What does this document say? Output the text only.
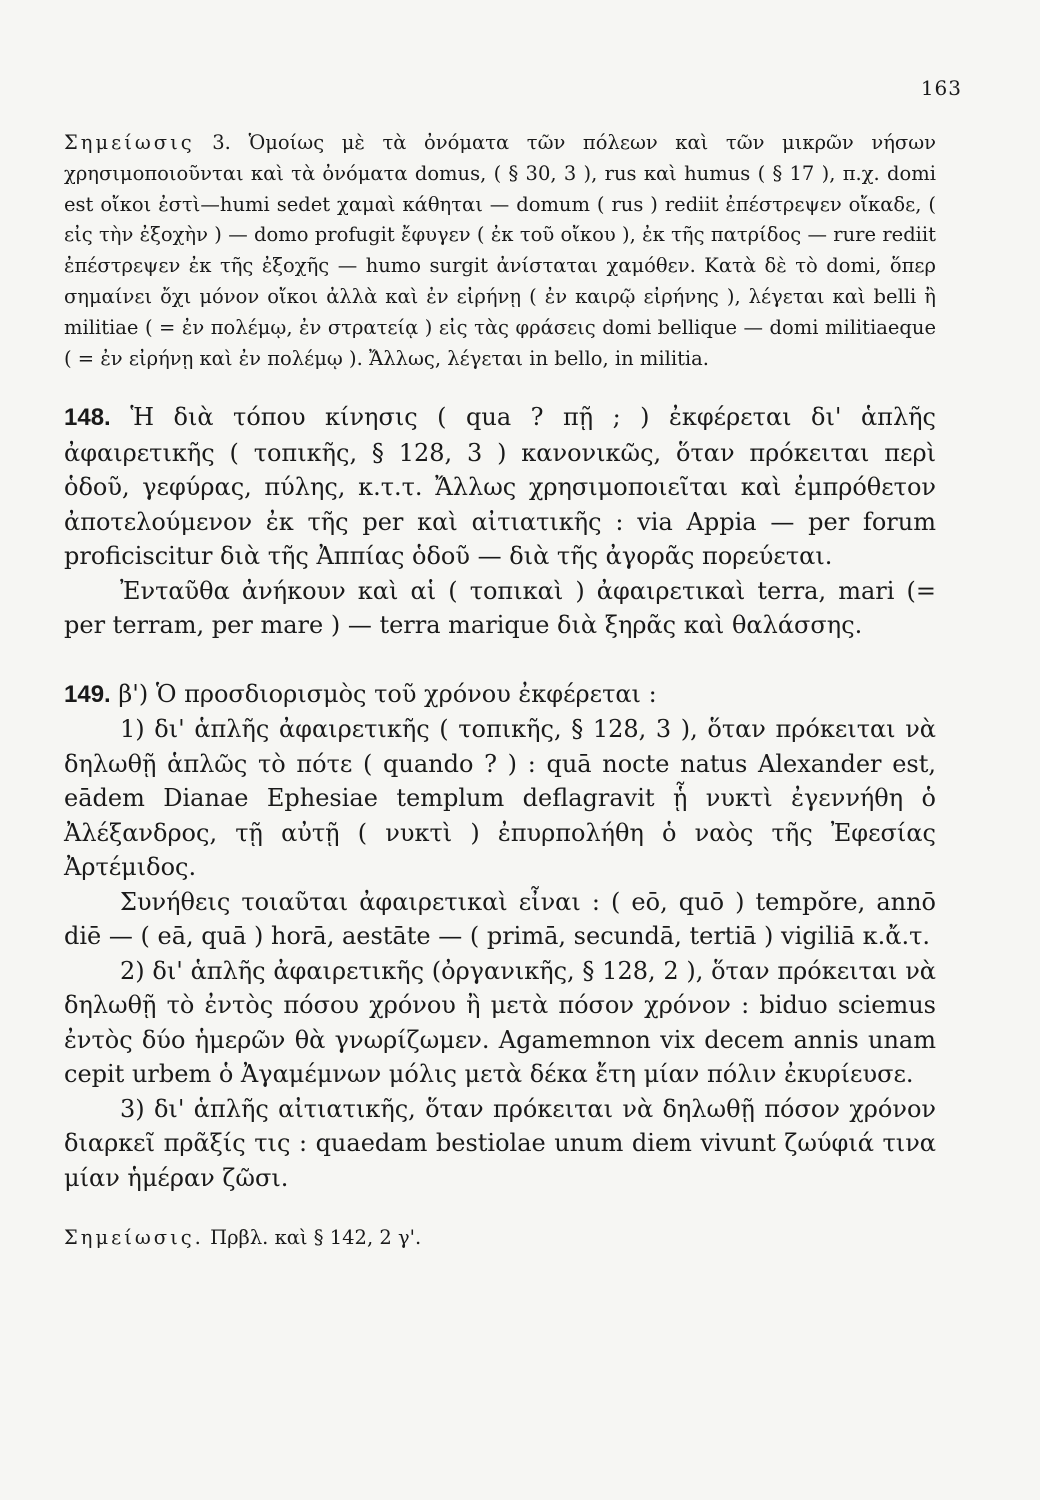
163

Σημείωσις 3. Ὁμοίως μὲ τὰ ὀνόματα τῶν πόλεων καὶ τῶν μικρῶν νήσων χρησιμοποιοῦνται καὶ τὰ ὀνόματα domus, ( § 30, 3 ), rus καὶ humus ( § 17 ), π.χ. domi est οἴκοι ἐστὶ—humi sedet χαμαὶ κάθηται — domum ( rus ) rediit ἐπέστρεψεν οἴκαδε, ( εἰς τὴν ἐξοχὴν ) — domo profugit ἔφυγεν ( ἐκ τοῦ οἴκου ), ἐκ τῆς πατρίδος — rure rediit ἐπέστρεψεν ἐκ τῆς ἐξοχῆς — humo surgit ἀνίσταται χαμόθεν. Κατὰ δὲ τὸ domi, ὅπερ σημαίνει ὄχι μόνον οἴκοι ἀλλὰ καὶ ἐν εἰρήνῃ ( ἐν καιρῷ εἰρήνης ), λέγεται καὶ belli ἢ militiae ( = ἐν πολέμῳ, ἐν στρατείᾳ ) εἰς τὰς φράσεις domi bellique — domi militiaeque ( = ἐν εἰρήνῃ καὶ ἐν πολέμῳ ). Ἄλλως, λέγεται in bello, in militia.

148. Ἡ διὰ τόπου κίνησις ( qua ? πῇ ; ) ἐκφέρεται δι' ἁπλῆς ἀφαιρετικῆς ( τοπικῆς, § 128, 3 ) κανονικῶς, ὅταν πρόκειται περὶ ὁδοῦ, γεφύρας, πύλης, κ.τ.τ. Ἄλλως χρησιμοποιεῖται καὶ ἐμπρόθετον ἀποτελούμενον ἐκ τῆς per καὶ αἰτιατικῆς : via Appia — per forum proficiscitur διὰ τῆς Ἀππίας ὁδοῦ — διὰ τῆς ἀγορᾶς πορεύεται.

Ἐνταῦθα ἀνήκουν καὶ αἱ ( τοπικαὶ ) ἀφαιρετικαὶ terra, mari (= per terram, per mare ) — terra marique διὰ ξηρᾶς καὶ θαλάσσης.

149. β') Ὁ προσδιορισμὸς τοῦ χρόνου ἐκφέρεται :

1) δι' ἁπλῆς ἀφαιρετικῆς ( τοπικῆς, § 128, 3 ), ὅταν πρόκειται νὰ δηλωθῇ ἁπλῶς τὸ πότε ( quando ? ) : quā nocte natus Alexander est, eādem Dianae Ephesiae templum deflagravit ᾗ νυκτὶ ἐγεννήθη ὁ Ἀλέξανδρος, τῇ αὐτῇ ( νυκτὶ ) ἐπυρπολήθη ὁ ναὸς τῆς Ἐφεσίας Ἀρτέμιδος.

Συνήθεις τοιαῦται ἀφαιρετικαὶ εἶναι : ( eō, quō ) tempŏre, annō diē — ( eā, quā ) horā, aestāte — ( primā, secundā, tertiā ) vigiliā κ.ἄ.τ.

2) δι' ἁπλῆς ἀφαιρετικῆς (ὀργανικῆς, § 128, 2 ), ὅταν πρόκειται νὰ δηλωθῇ τὸ ἐντὸς πόσου χρόνου ἢ μετὰ πόσον χρόνον : biduo sciemus ἐντὸς δύο ἡμερῶν θὰ γνωρίζωμεν. Agamemnon vix decem annis unam cepit urbem ὁ Ἀγαμέμνων μόλις μετὰ δέκα ἔτη μίαν πόλιν ἐκυρίευσε.

3) δι' ἁπλῆς αἰτιατικῆς, ὅταν πρόκειται νὰ δηλωθῇ πόσον χρόνον διαρκεῖ πρᾶξίς τις : quaedam bestiolae unum diem vivunt ζωύφιά τινα μίαν ἡμέραν ζῶσι.

Σημείωσις. Πρβλ. καὶ § 142, 2 γ'.
